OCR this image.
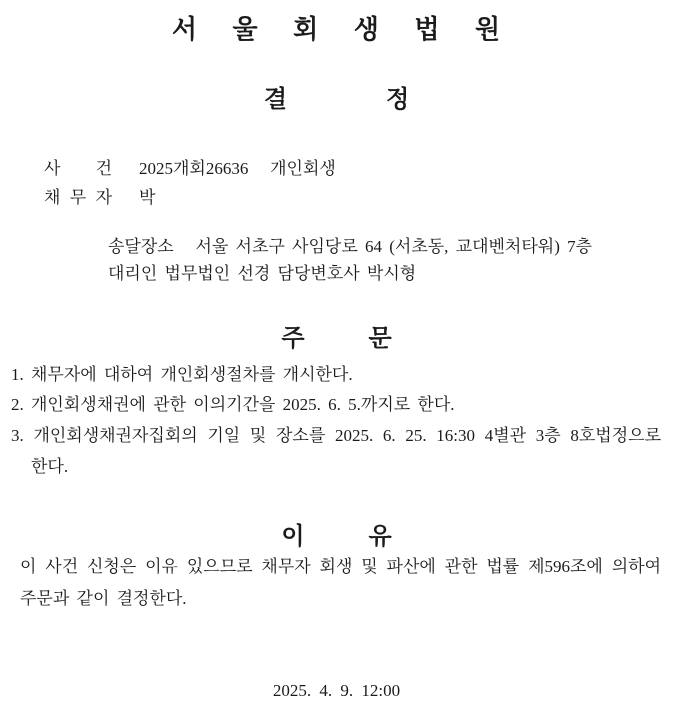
서 울 회 생 법 원
결 정

사 건 2025개회26636   개인회생

채 무 자 박

송달장소   서울 서초구 사임당로 64 (서초동, 교대벤처타워) 7층
대리인 법무법인 선경 담당변호사 박시형
주 문
1. 채무자에 대하여 개인회생절차를 개시한다.
2. 개인회생채권에 관한 이의기간을 2025. 6. 5.까지로 한다.
3. 개인회생채권자집회의 기일 및 장소를 2025. 6. 25. 16:30 4별관 3층 8호법정으로
한다.
이 유
이 사건 신청은 이유 있으므로 채무자 회생 및 파산에 관한 법률 제596조에 의하여
주문과 같이 결정한다.
2025. 4. 9. 12:00
